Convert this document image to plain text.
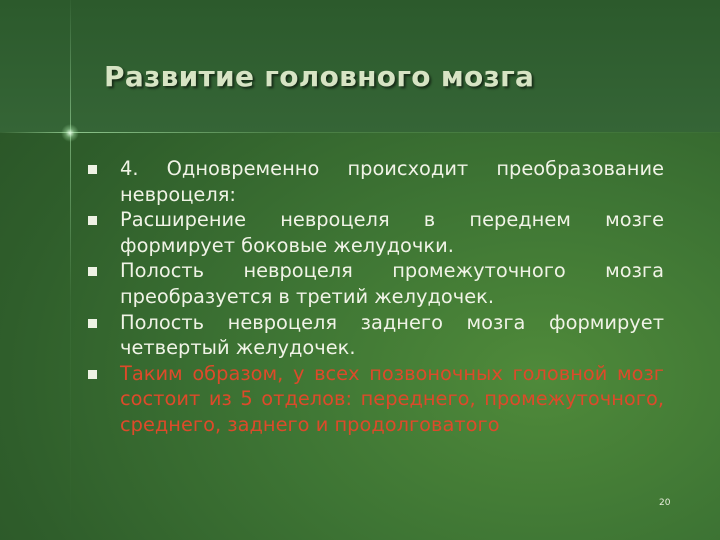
Развитие головного мозга
4. Одновременно происходит преобразование невроцеля:
Расширение невроцеля в переднем мозге формирует боковые желудочки.
Полость невроцеля промежуточного мозга преобразуется в третий желудочек.
Полость невроцеля заднего мозга формирует четвертый желудочек.
Таким образом, у всех позвоночных головной мозг состоит из 5 отделов: переднего, промежуточного, среднего, заднего и продолговатого
20
